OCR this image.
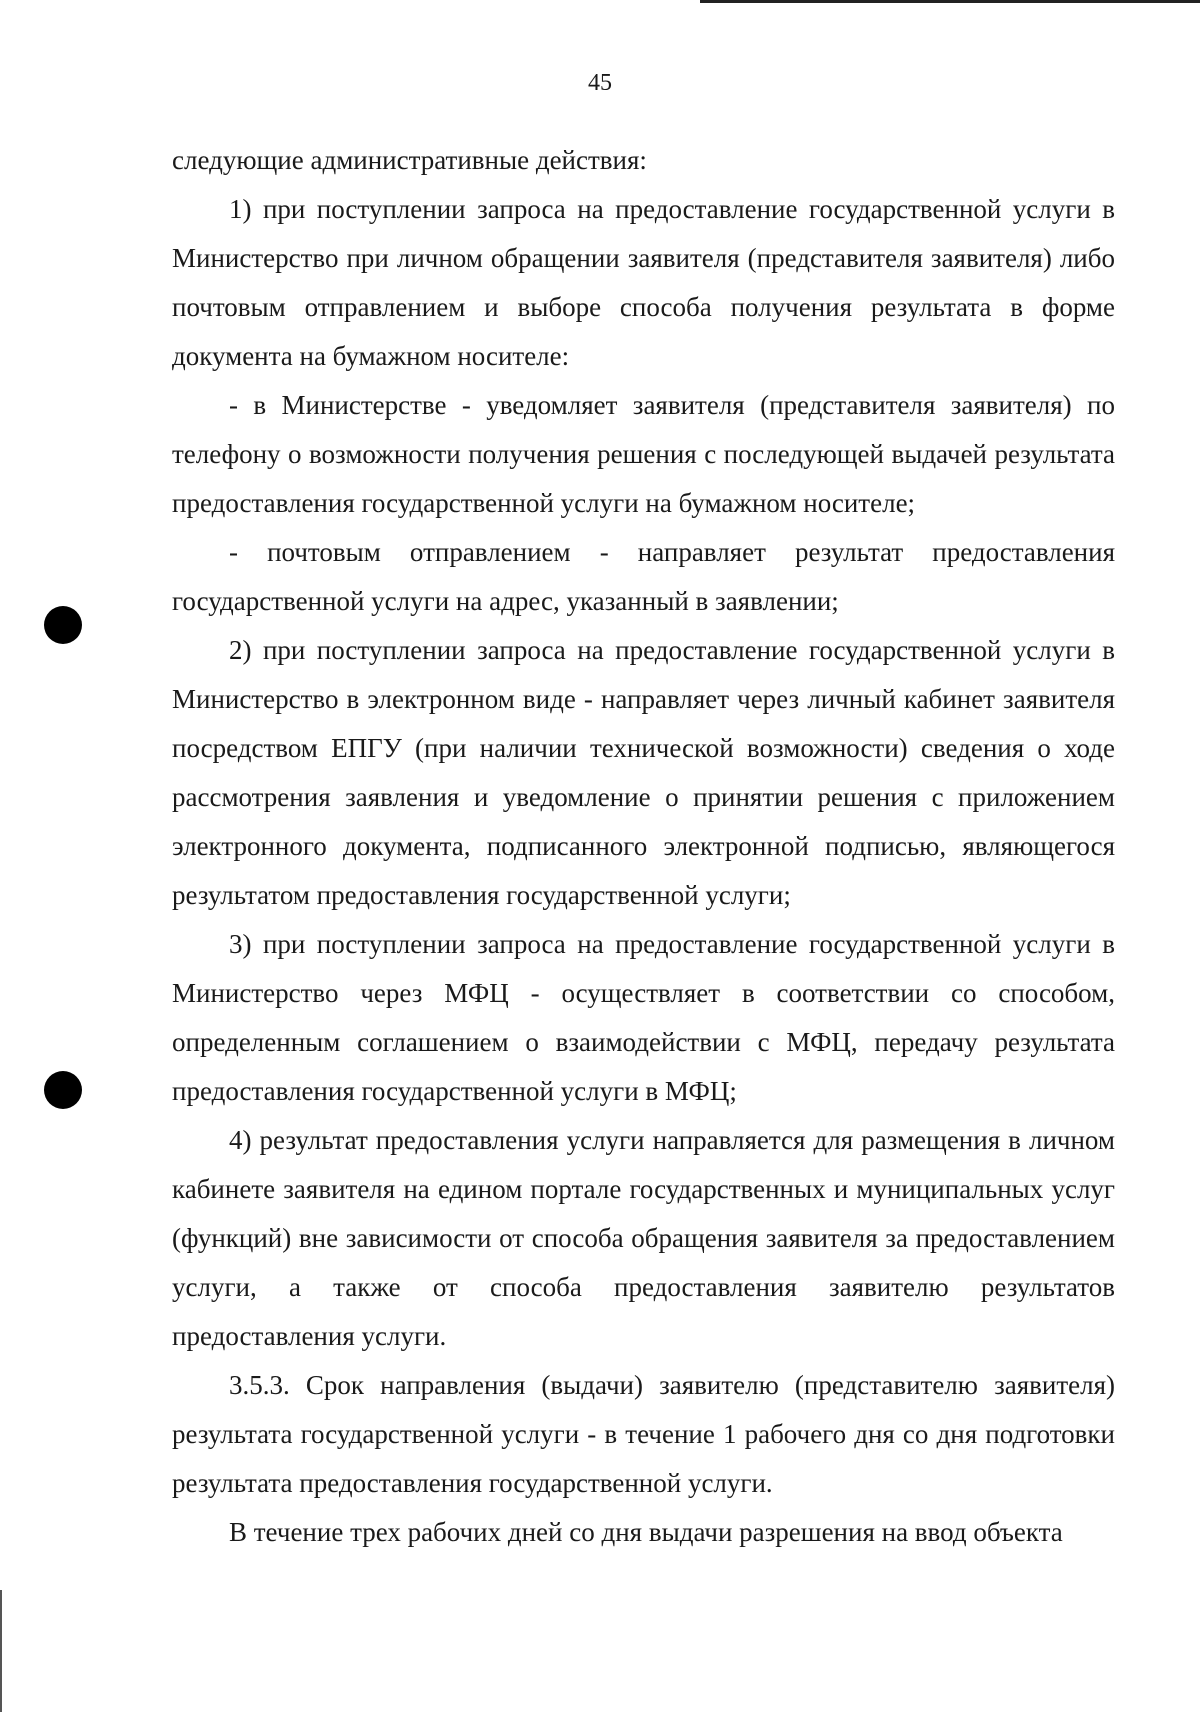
45

следующие административные действия:

1) при поступлении запроса на предоставление государственной услуги в Министерство при личном обращении заявителя (представителя заявителя) либо почтовым отправлением и выборе способа получения результата в форме документа на бумажном носителе:

- в Министерстве - уведомляет заявителя (представителя заявителя) по телефону о возможности получения решения с последующей выдачей результата предоставления государственной услуги на бумажном носителе;

- почтовым отправлением - направляет результат предоставления государственной услуги на адрес, указанный в заявлении;

2) при поступлении запроса на предоставление государственной услуги в Министерство в электронном виде - направляет через личный кабинет заявителя посредством ЕПГУ (при наличии технической возможности) сведения о ходе рассмотрения заявления и уведомление о принятии решения с приложением электронного документа, подписанного электронной подписью, являющегося результатом предоставления государственной услуги;

3) при поступлении запроса на предоставление государственной услуги в Министерство через МФЦ - осуществляет в соответствии со способом, определенным соглашением о взаимодействии с МФЦ, передачу результата предоставления государственной услуги в МФЦ;

4) результат предоставления услуги направляется для размещения в личном кабинете заявителя на едином портале государственных и муниципальных услуг (функций) вне зависимости от способа обращения заявителя за предоставлением услуги, а также от способа предоставления заявителю результатов предоставления услуги.

3.5.3. Срок направления (выдачи) заявителю (представителю заявителя) результата государственной услуги - в течение 1 рабочего дня со дня подготовки результата предоставления государственной услуги.

В течение трех рабочих дней со дня выдачи разрешения на ввод объекта
